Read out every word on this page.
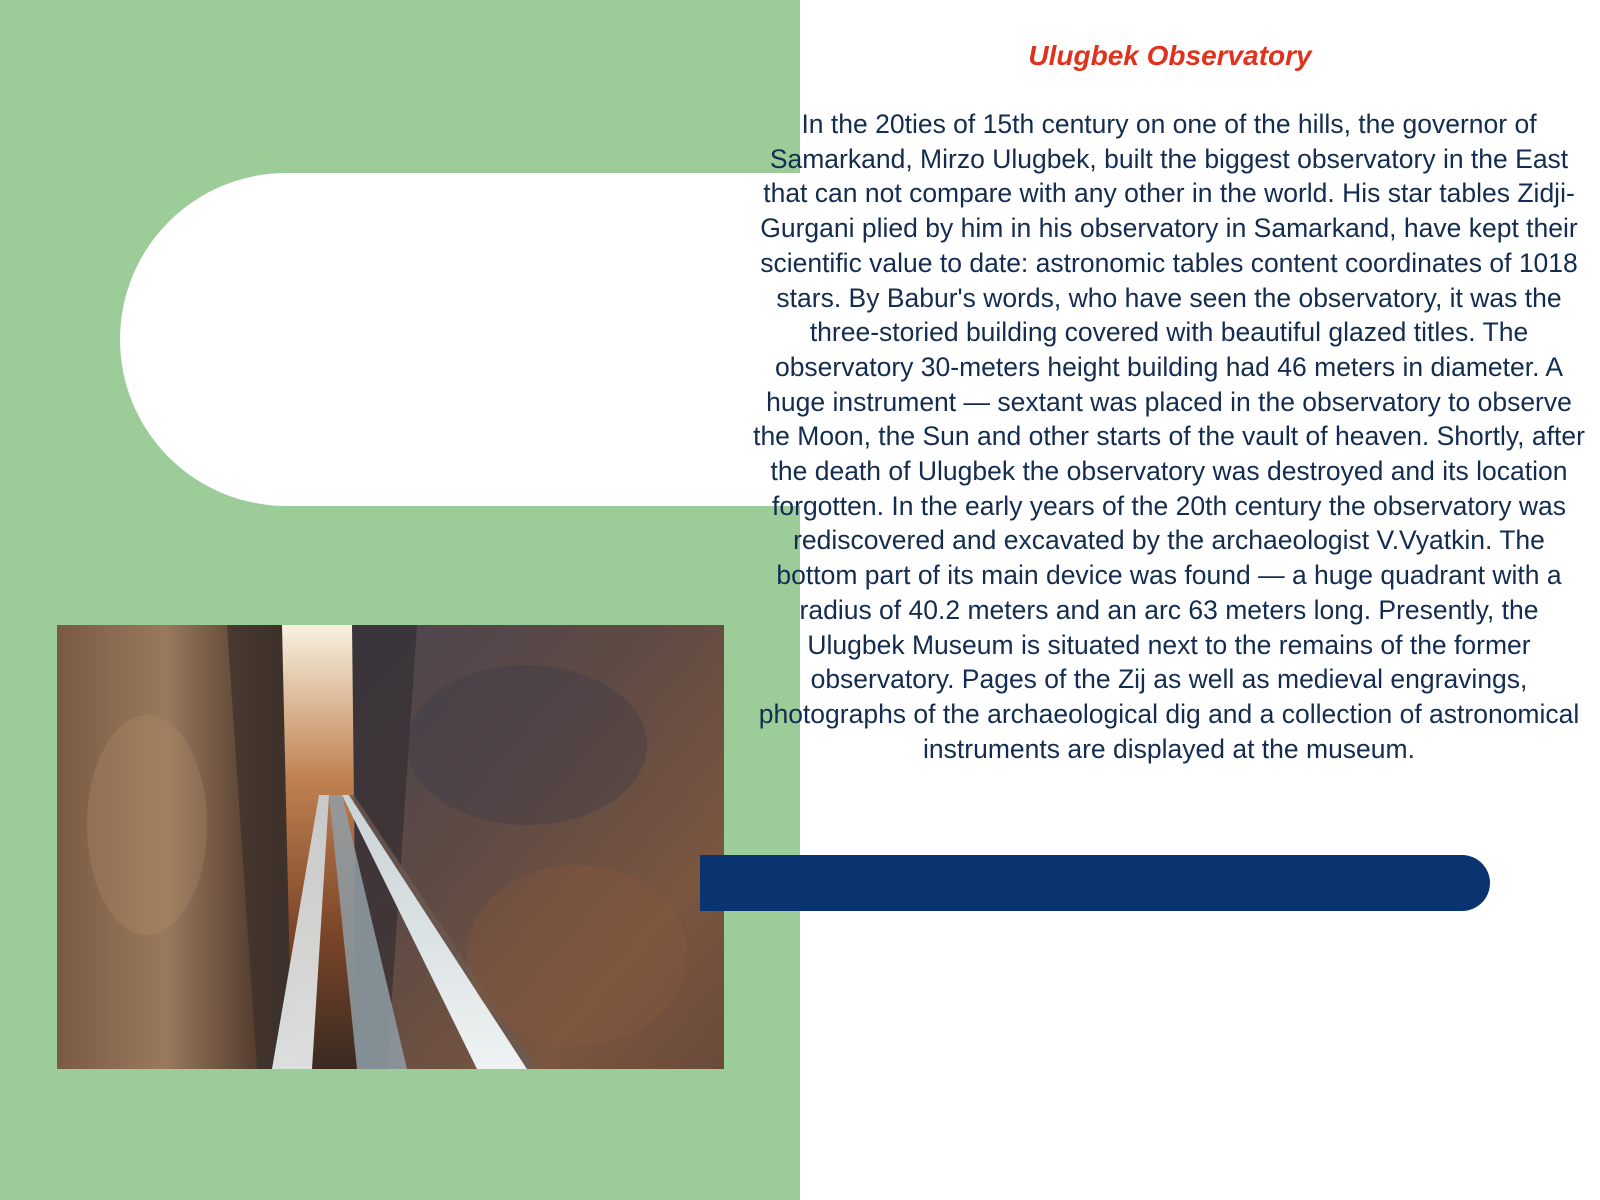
Ulugbek Observatory

In the 20ties of 15th century on one of the hills, the governor of Samarkand, Mirzo Ulugbek, built the biggest observatory in the East that can not compare with any other in the world. His star tables Zidji-Gurgani plied by him in his observatory in Samarkand, have kept their scientific value to date: astronomic tables content coordinates of 1018 stars. By Babur's words, who have seen the observatory, it was the three-storied building covered with beautiful glazed titles. The observatory 30-meters height building had 46 meters in diameter. A huge instrument — sextant was placed in the observatory to observe the Moon, the Sun and other starts of the vault of heaven. Shortly, after the death of Ulugbek the observatory was destroyed and its location forgotten. In the early years of the 20th century the observatory was rediscovered and excavated by the archaeologist V.Vyatkin. The bottom part of its main device was found — a huge quadrant with a radius of 40.2 meters and an arc 63 meters long. Presently, the Ulugbek Museum is situated next to the remains of the former observatory. Pages of the Zij as well as medieval engravings, photographs of the archaeological dig and a collection of astronomical instruments are displayed at the museum.
